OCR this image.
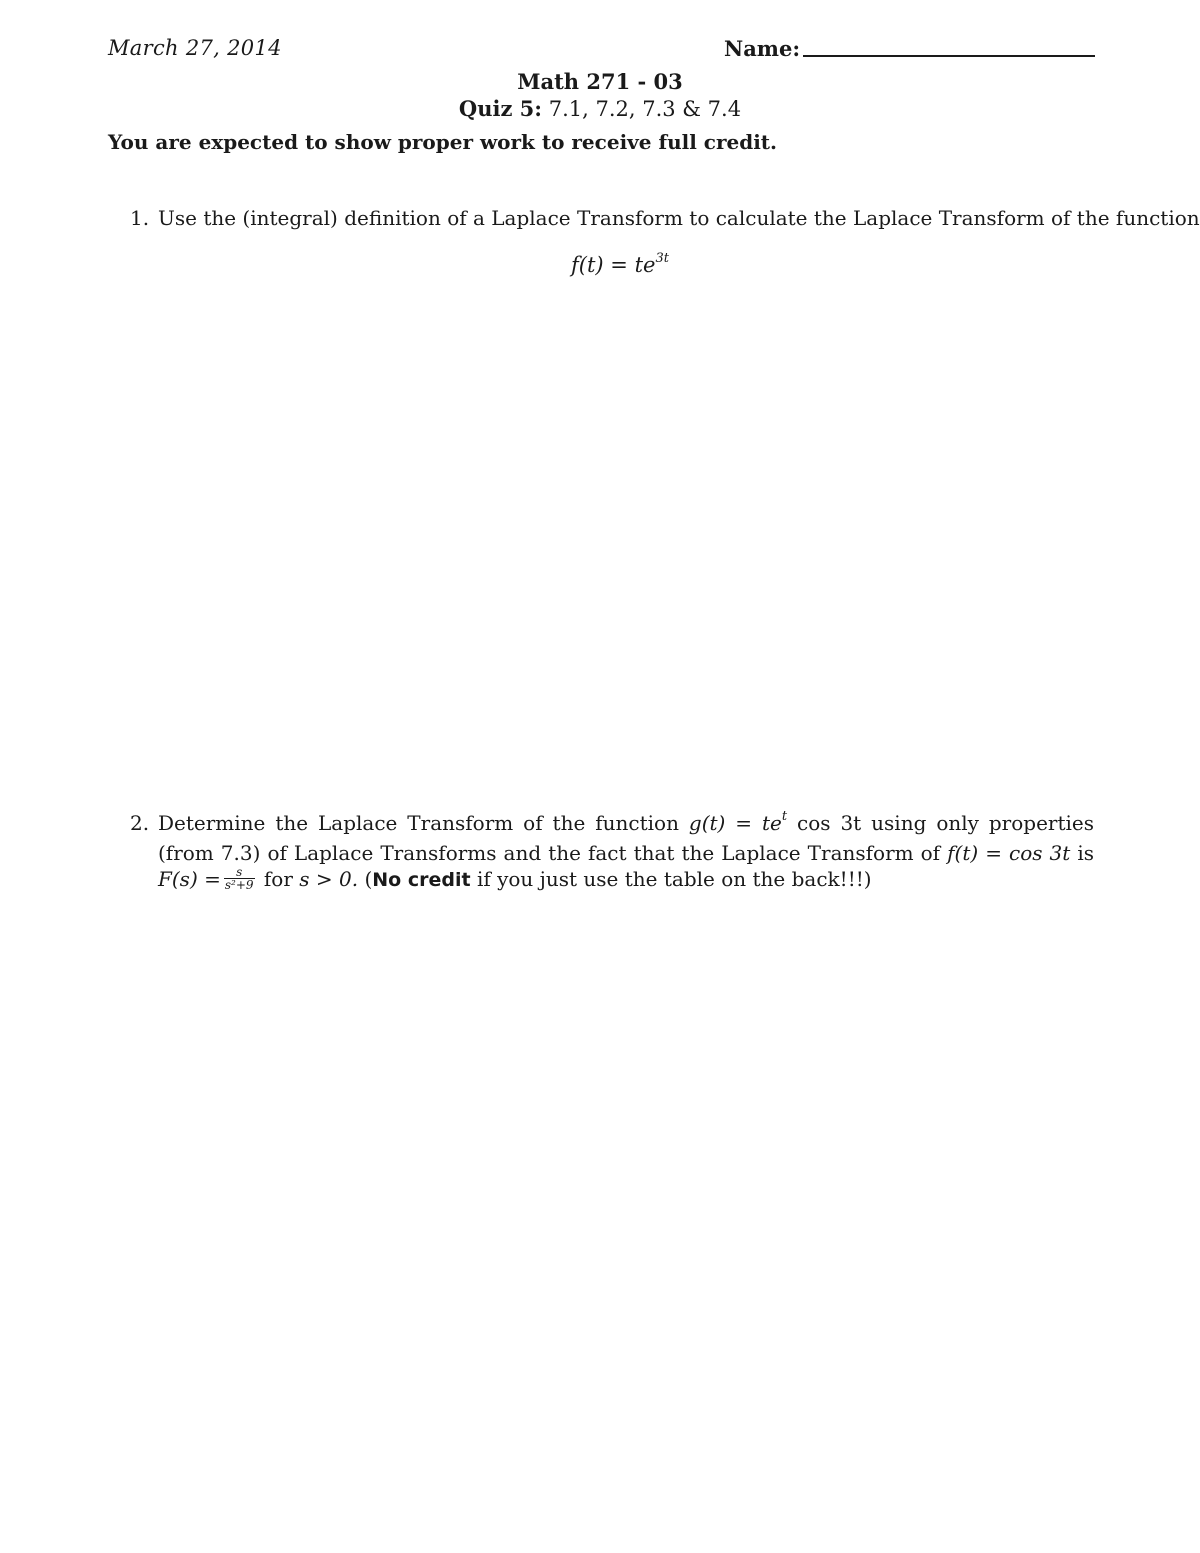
March 27, 2014	Name:
Math 271 - 03
Quiz 5: 7.1, 7.2, 7.3 & 7.4
You are expected to show proper work to receive full credit.
1. Use the (integral) definition of a Laplace Transform to calculate the Laplace Transform of the function
$f(t) = te^{3t}$
2. Determine the Laplace Transform of the function $g(t) = te^t$ cos 3t using only properties (from 7.3) of Laplace Transforms and the fact that the Laplace Transform of f(t) = cos 3t is $F(s) = \frac{s}{\text{s²+9}}$ for s > 0. (No credit if you just use the table on the back!!!)
